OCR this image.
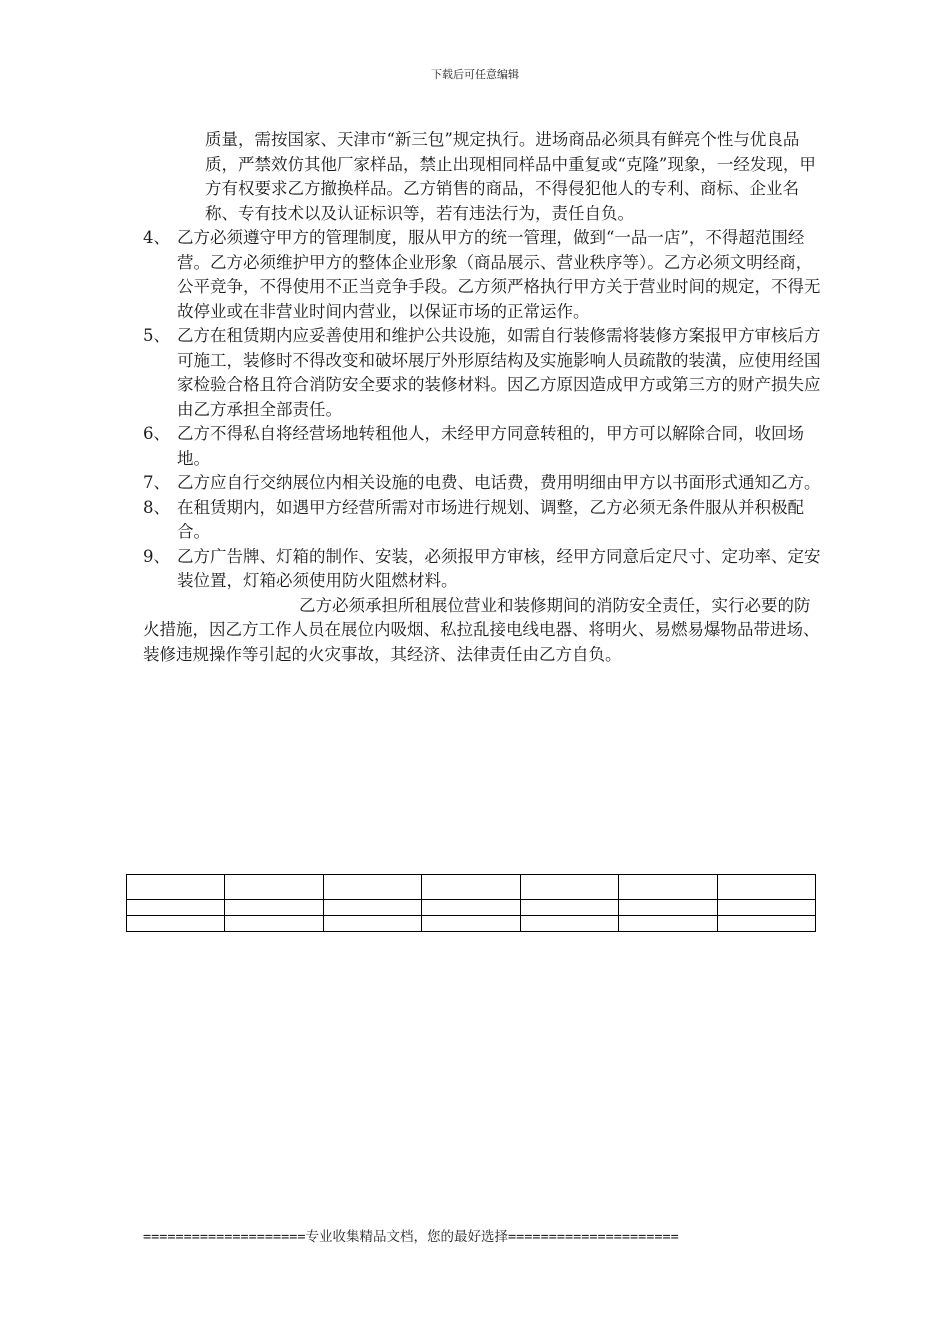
下载后可任意编辑
质量，需按国家、天津市“新三包”规定执行。进场商品必须具有鲜亮个性与优良品质，严禁效仿其他厂家样品，禁止出现相同样品中重复或“克隆”现象，一经发现，甲方有权要求乙方撤换样品。乙方销售的商品，不得侵犯他人的专利、商标、企业名称、专有技术以及认证标识等，若有违法行为，责任自负。
4、 乙方必须遵守甲方的管理制度，服从甲方的统一管理，做到“一品一店”，不得超范围经营。乙方必须维护甲方的整体企业形象（商品展示、营业秩序等）。乙方必须文明经商，公平竞争，不得使用不正当竞争手段。乙方须严格执行甲方关于营业时间的规定，不得无故停业或在非营业时间内营业，以保证市场的正常运作。
5、 乙方在租赁期内应妥善使用和维护公共设施，如需自行装修需将装修方案报甲方审核后方可施工，装修时不得改变和破坏展厅外形原结构及实施影响人员疏散的装潢，应使用经国家检验合格且符合消防安全要求的装修材料。因乙方原因造成甲方或第三方的财产损失应由乙方承担全部责任。
6、 乙方不得私自将经营场地转租他人，未经甲方同意转租的，甲方可以解除合同，收回场地。
7、 乙方应自行交纳展位内相关设施的电费、电话费，费用明细由甲方以书面形式通知乙方。
8、 在租赁期内，如遇甲方经营所需对市场进行规划、调整，乙方必须无条件服从并积极配合。
9、 乙方广告牌、灯箱的制作、安装，必须报甲方审核，经甲方同意后定尺寸、定功率、定安装位置，灯箱必须使用防火阻燃材料。
乙方必须承担所租展位营业和装修期间的消防安全责任，实行必要的防火措施，因乙方工作人员在展位内吸烟、私拉乱接电线电器、将明火、易燃易爆物品带进场、装修违规操作等引起的火灾事故，其经济、法律责任由乙方自负。

====================专业收集精品文档，您的最好选择=====================
